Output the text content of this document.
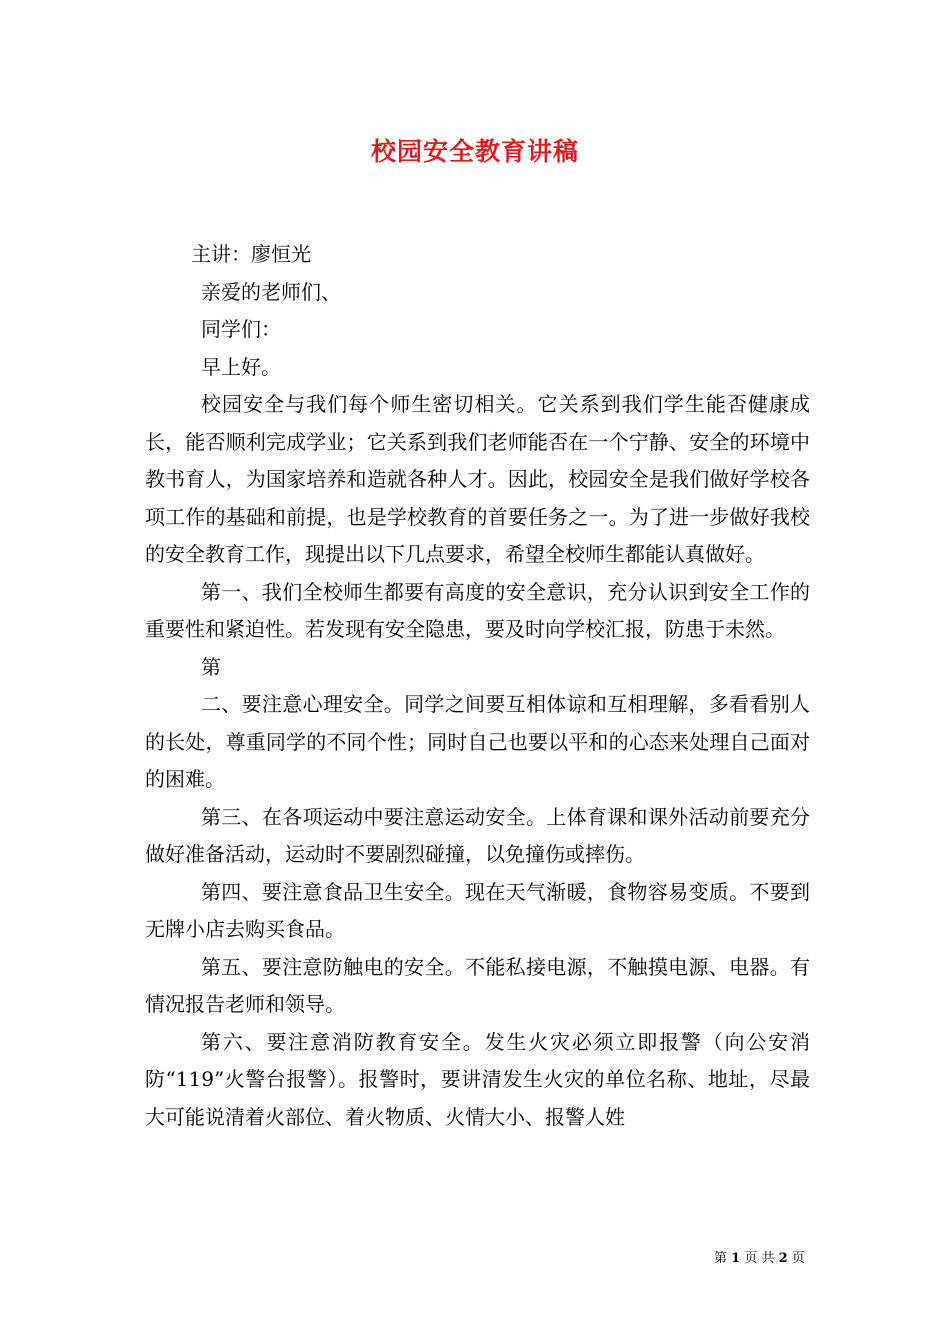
校园安全教育讲稿

主讲：廖恒光

亲爱的老师们、

同学们：

早上好。

校园安全与我们每个师生密切相关。它关系到我们学生能否健康成长，能否顺利完成学业；它关系到我们老师能否在一个宁静、安全的环境中教书育人，为国家培养和造就各种人才。因此，校园安全是我们做好学校各项工作的基础和前提，也是学校教育的首要任务之一。为了进一步做好我校的安全教育工作，现提出以下几点要求，希望全校师生都能认真做好。

第一、我们全校师生都要有高度的安全意识，充分认识到安全工作的重要性和紧迫性。若发现有安全隐患，要及时向学校汇报，防患于未然。

第

二、要注意心理安全。同学之间要互相体谅和互相理解，多看看别人的长处，尊重同学的不同个性；同时自己也要以平和的心态来处理自己面对的困难。

第三、在各项运动中要注意运动安全。上体育课和课外活动前要充分做好准备活动，运动时不要剧烈碰撞，以免撞伤或摔伤。

第四、要注意食品卫生安全。现在天气渐暖，食物容易变质。不要到无牌小店去购买食品。

第五、要注意防触电的安全。不能私接电源，不触摸电源、电器。有情况报告老师和领导。

第六、要注意消防教育安全。发生火灾必须立即报警（向公安消防“119”火警台报警）。报警时，要讲清发生火灾的单位名称、地址，尽最大可能说清着火部位、着火物质、火情大小、报警人姓

第 1 页 共 2 页
